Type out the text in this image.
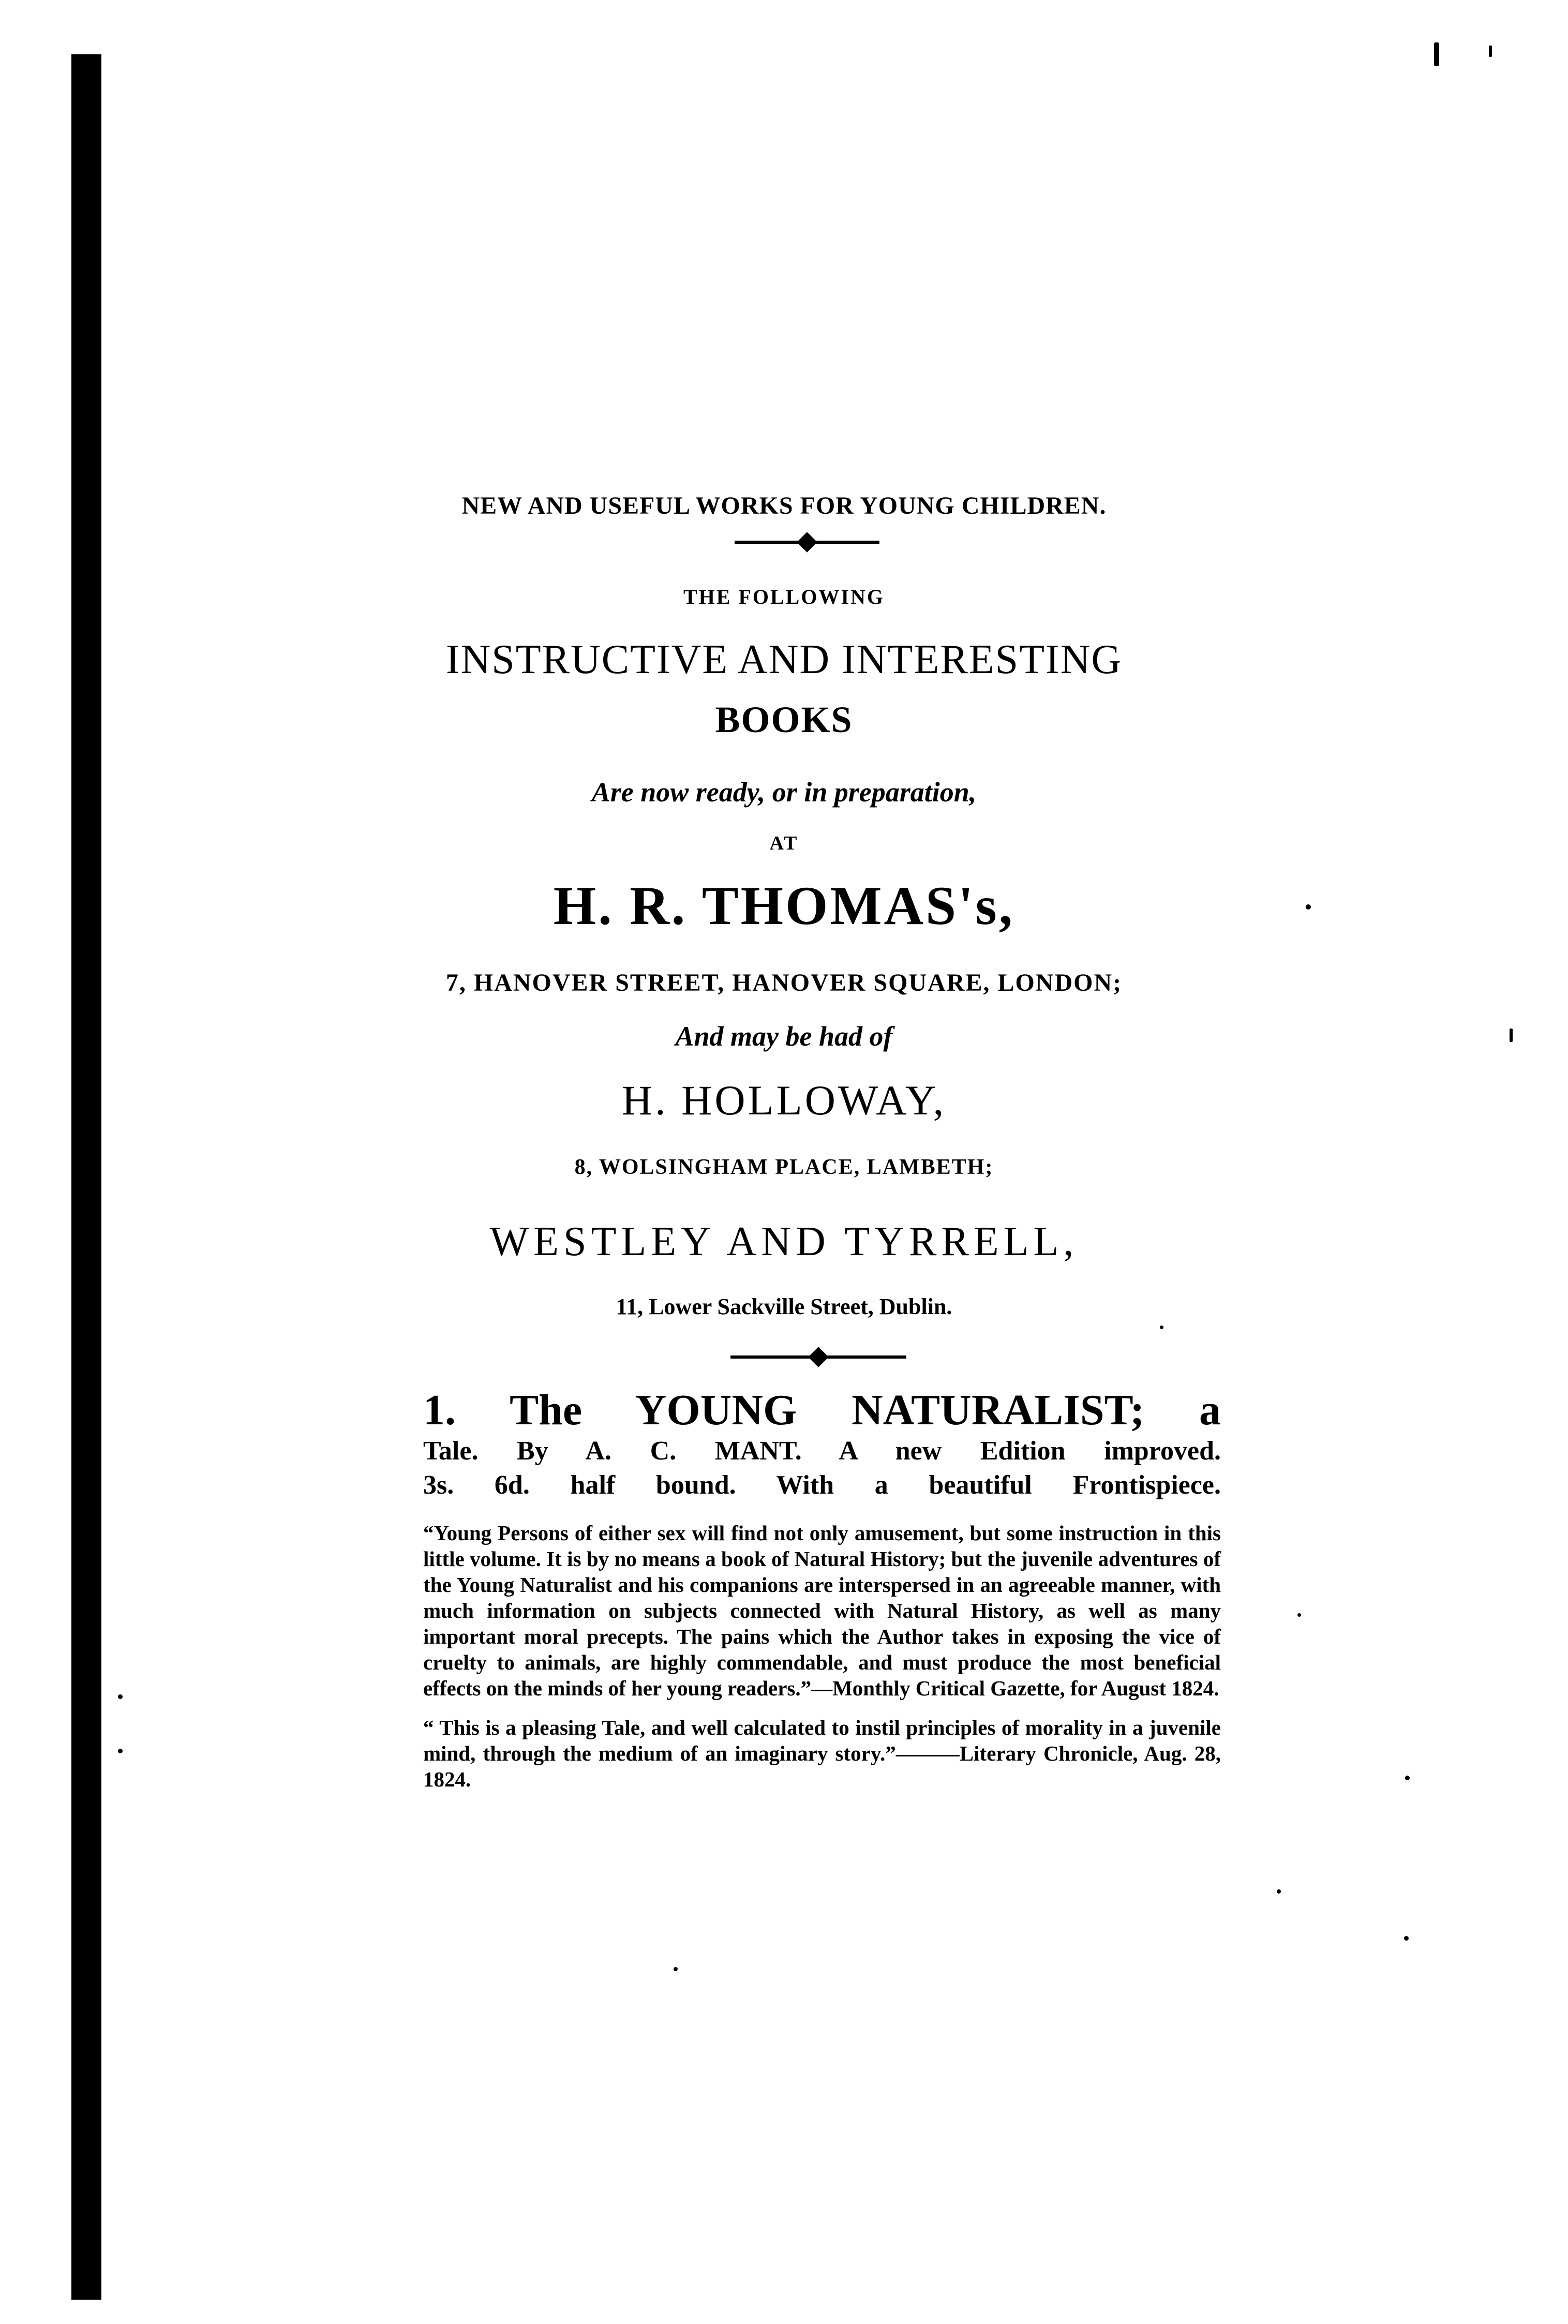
NEW AND USEFUL WORKS FOR YOUNG CHILDREN.
THE FOLLOWING
INSTRUCTIVE AND INTERESTING
BOOKS
Are now ready, or in preparation,
AT
H. R. THOMAS's,
7, HANOVER STREET, HANOVER SQUARE, LONDON;
And may be had of
H. HOLLOWAY,
8, WOLSINGHAM PLACE, LAMBETH;
WESTLEY AND TYRRELL,
11, Lower Sackville Street, Dublin.
1. The YOUNG NATURALIST; a
Tale. By A. C. MANT. A new Edition improved.
3s. 6d. half bound. With a beautiful Frontispiece.

“Young Persons of either sex will find not only amusement, but some instruction in this little volume. It is by no means a book of Natural History; but the juvenile adventures of the Young Naturalist and his companions are interspersed in an agreeable manner, with much information on subjects connected with Natural History, as well as many important moral precepts. The pains which the Author takes in exposing the vice of cruelty to animals, are highly commendable, and must produce the most beneficial effects on the minds of her young readers.”—Monthly Critical Gazette, for August 1824.

“ This is a pleasing Tale, and well calculated to instil principles of morality in a juvenile mind, through the medium of an imaginary story.”———Literary Chronicle, Aug. 28, 1824.
